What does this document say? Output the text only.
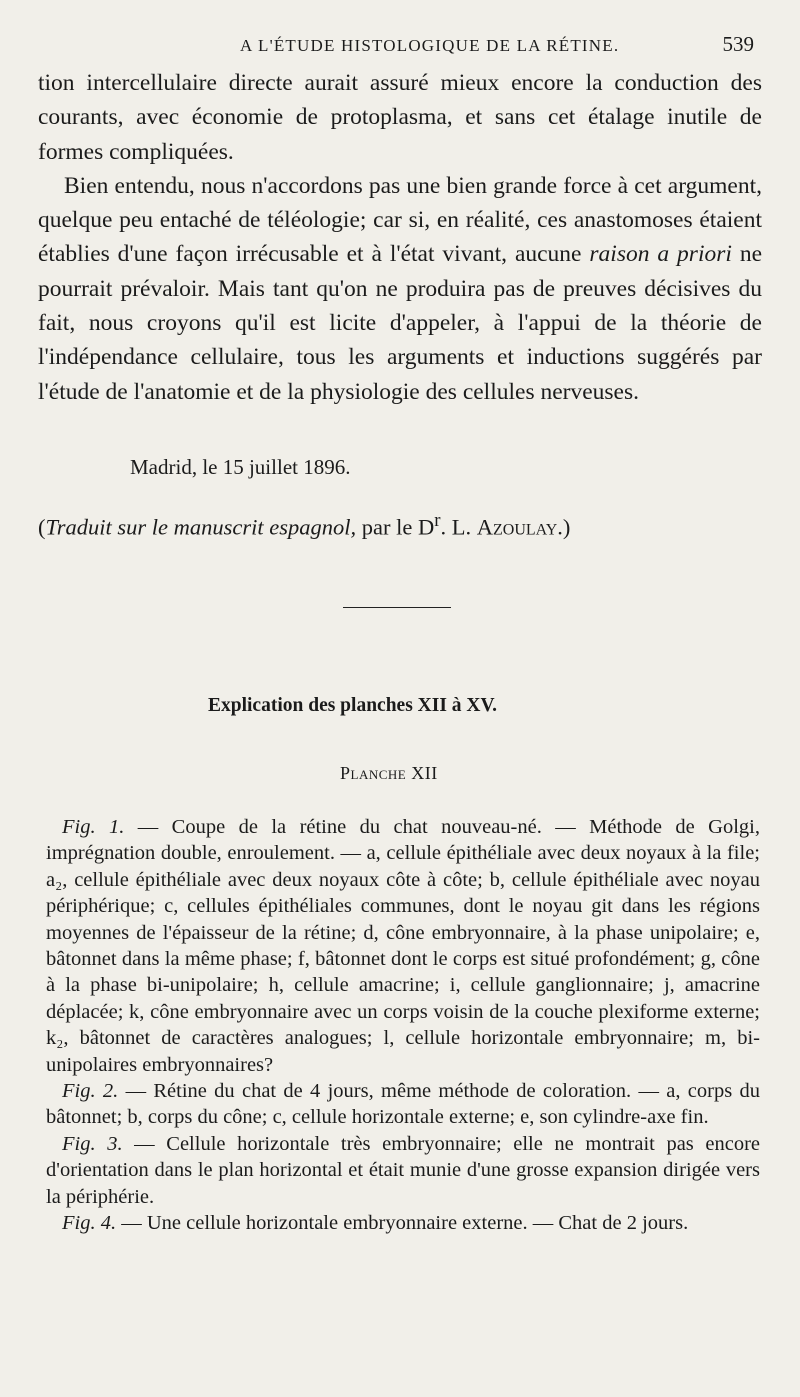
A L'ÉTUDE HISTOLOGIQUE DE LA RÉTINE.	539

tion intercellulaire directe aurait assuré mieux encore la conduction des courants, avec économie de protoplasma, et sans cet étalage inutile de formes compliquées.

Bien entendu, nous n'accordons pas une bien grande force à cet argument, quelque peu entaché de téléologie; car si, en réalité, ces anastomoses étaient établies d'une façon irrécusable et à l'état vivant, aucune raison a priori ne pourrait prévaloir. Mais tant qu'on ne produira pas de preuves décisives du fait, nous croyons qu'il est licite d'appeler, à l'appui de la théorie de l'indépendance cellulaire, tous les arguments et inductions suggérés par l'étude de l'anatomie et de la physiologie des cellules nerveuses.

Madrid, le 15 juillet 1896.
(Traduit sur le manuscrit espagnol, par le $D^r$. L. Azoulay.)
Explication des planches XII à XV.
Planche XII

Fig. 1. — Coupe de la rétine du chat nouveau-né. — Méthode de Golgi, imprégnation double, enroulement. — a, cellule épithéliale avec deux noyaux à la file; a₂, cellule épithéliale avec deux noyaux côte à côte; b, cellule épithéliale avec noyau périphérique; c, cellules épithéliales communes, dont le noyau git dans les régions moyennes de l'épaisseur de la rétine; d, cône embryonnaire, à la phase unipolaire; e, bâtonnet dans la même phase; f, bâtonnet dont le corps est situé profondément; g, cône à la phase bi-unipolaire; h, cellule amacrine; i, cellule ganglionnaire; j, amacrine déplacée; k, cône embryonnaire avec un corps voisin de la couche plexiforme externe; k₂, bâtonnet de caractères analogues; l, cellule horizontale embryonnaire; m, bi-unipolaires embryonnaires?

Fig. 2. — Rétine du chat de 4 jours, même méthode de coloration. — a, corps du bâtonnet; b, corps du cône; c, cellule horizontale externe; e, son cylindre-axe fin.

Fig. 3. — Cellule horizontale très embryonnaire; elle ne montrait pas encore d'orientation dans le plan horizontal et était munie d'une grosse expansion dirigée vers la périphérie.

Fig. 4. — Une cellule horizontale embryonnaire externe. — Chat de 2 jours.
